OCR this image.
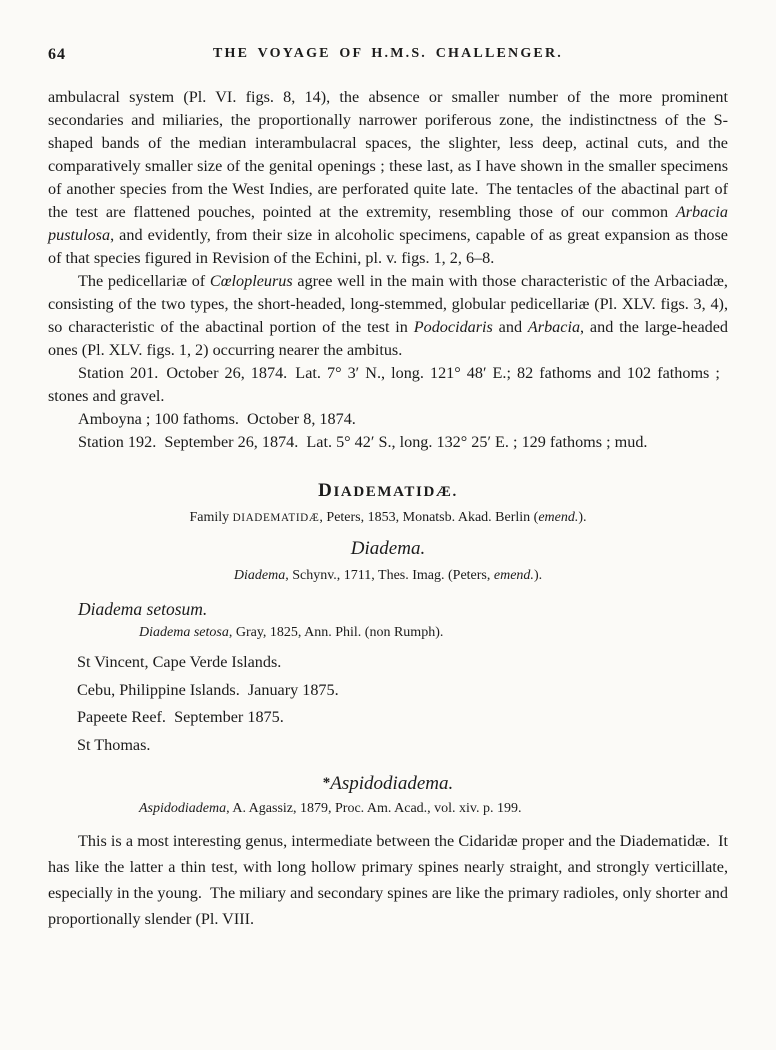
64	THE VOYAGE OF H.M.S. CHALLENGER.

ambulacral system (Pl. VI. figs. 8, 14), the absence or smaller number of the more prominent secondaries and miliaries, the proportionally narrower poriferous zone, the indistinctness of the S-shaped bands of the median interambulacral spaces, the slighter, less deep, actinal cuts, and the comparatively smaller size of the genital openings ; these last, as I have shown in the smaller specimens of another species from the West Indies, are perforated quite late. The tentacles of the abactinal part of the test are flattened pouches, pointed at the extremity, resembling those of our common Arbacia pustulosa, and evidently, from their size in alcoholic specimens, capable of as great expansion as those of that species figured in Revision of the Echini, pl. v. figs. 1, 2, 6–8.

The pedicellariæ of Cœlopleurus agree well in the main with those characteristic of the Arbaciadæ, consisting of the two types, the short-headed, long-stemmed, globular pedicellariæ (Pl. XLV. figs. 3, 4), so characteristic of the abactinal portion of the test in Podocidaris and Arbacia, and the large-headed ones (Pl. XLV. figs. 1, 2) occurring nearer the ambitus.

Station 201. October 26, 1874. Lat. 7° 3′ N., long. 121° 48′ E.; 82 fathoms and 102 fathoms ; stones and gravel.

Amboyna ; 100 fathoms. October 8, 1874.

Station 192. September 26, 1874. Lat. 5° 42′ S., long. 132° 25′ E. ; 129 fathoms ; mud.

DIADEMATIDÆ.

Family DIADEMATIDÆ, Peters, 1853, Monatsb. Akad. Berlin (emend.).

Diadema.

Diadema, Schynv., 1711, Thes. Imag. (Peters, emend.).

Diadema setosum.

Diadema setosa, Gray, 1825, Ann. Phil. (non Rumph).

St Vincent, Cape Verde Islands.

Cebu, Philippine Islands. January 1875.

Papeete Reef. September 1875.

St Thomas.

*Aspidodiadema.

Aspidodiadema, A. Agassiz, 1879, Proc. Am. Acad., vol. xiv. p. 199.

This is a most interesting genus, intermediate between the Cidaridæ proper and the Diadematidæ. It has like the latter a thin test, with long hollow primary spines nearly straight, and strongly verticillate, especially in the young. The miliary and secondary spines are like the primary radioles, only shorter and proportionally slender (Pl. VIII.
